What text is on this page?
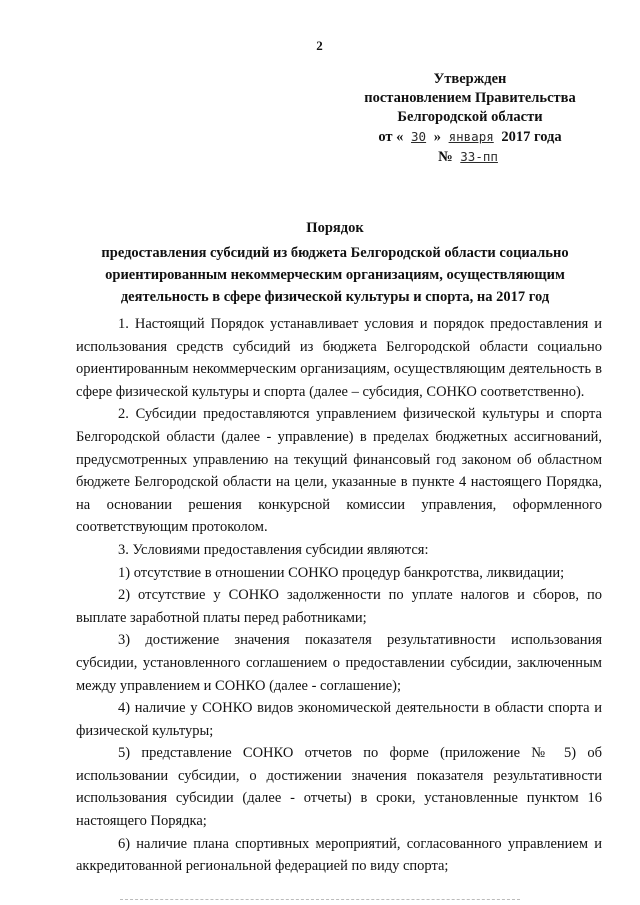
2
Утвержден
постановлением Правительства
Белгородской области
от « 30 » января 2017 года
№ 33-пп
Порядок
предоставления субсидий из бюджета Белгородской области социально
ориентированным некоммерческим организациям, осуществляющим
деятельность в сфере физической культуры и спорта, на 2017 год

1. Настоящий Порядок устанавливает условия и порядок предоставления и использования средств субсидий из бюджета Белгородской области социально ориентированным некоммерческим организациям, осуществляющим деятельность в сфере физической культуры и спорта (далее – субсидия, СОНКО соответственно).

2. Субсидии предоставляются управлением физической культуры и спорта Белгородской области (далее - управление) в пределах бюджетных ассигнований, предусмотренных управлению на текущий финансовый год законом об областном бюджете Белгородской области на цели, указанные в пункте 4 настоящего Порядка, на основании решения конкурсной комиссии управления, оформленного соответствующим протоколом.

3. Условиями предоставления субсидии являются:

1) отсутствие в отношении СОНКО процедур банкротства, ликвидации;

2) отсутствие у СОНКО задолженности по уплате налогов и сборов, по выплате заработной платы перед работниками;

3) достижение значения показателя результативности использования субсидии, установленного соглашением о предоставлении субсидии, заключенным между управлением и СОНКО (далее - соглашение);

4) наличие у СОНКО видов экономической деятельности в области спорта и физической культуры;

5) представление СОНКО отчетов по форме (приложение № 5) об использовании субсидии, о достижении значения показателя результативности использования субсидии (далее - отчеты) в сроки, установленные пунктом 16 настоящего Порядка;

6) наличие плана спортивных мероприятий, согласованного управлением и аккредитованной региональной федерацией по виду спорта;
